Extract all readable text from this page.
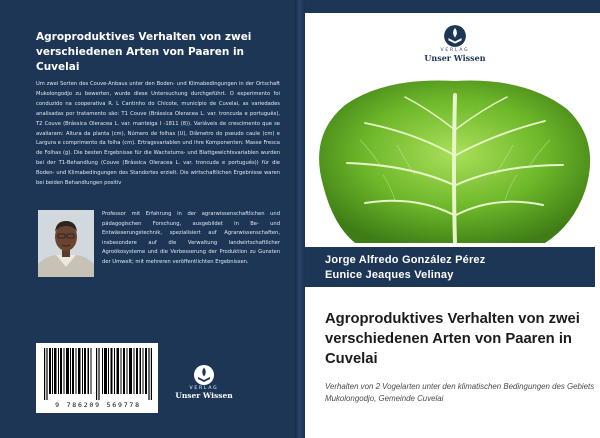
Agroproduktives Verhalten von zwei verschiedenen Arten von Paaren in Cuvelai
Um zwei Sorten des Couve-Anbaus unter den Boden- und Klimabedingungen in der Ortschaft Mukolongodjo zu bewerten, wurde diese Untersuchung durchgeführt. O experimento foi conduzido na cooperativa R. L Cantinho do Chicote, município de Cuvelai, as variedades analisadas por tratamento são: T1 Couve (Brássica Oleracea L. var. troncuda e português), T2 Couve (Brássica Oleracea L. var. manteiga I -1811 (8)). Variáveis de crescimento que se avaliaram: Altura da planta (cm), Número de folhas (U), Diâmetro do pseudo caule (cm) e Largura e comprimento da folha (cm). Ertragsvariablen und ihre Komponenten: Masse Fresca de Folhas (g). Die besten Ergebnisse für die Wachstums- und Blattgewichtsvariablen wurden bei der T1-Behandlung (Couve (Brássica Oleracea L. var. troncuda e português)) für die Boden- und Klimabedingungen des Standortes erzielt. Die wirtschaftlichen Ergebnisse waren bei beiden Behandlungen positiv
Professor mit Erfahrung in der agrarwissenschaftlichen und pädagogischen Forschung, ausgebildet in Be- und Entwässerungstechnik, spezialisiert auf Agrarwissenschaften, insbesondere auf die Verwaltung landwirtschaftlicher Agroökosysteme und die Verbesserung der Produktion zu Gunsten der Umwelt; mit mehreren veröffentlichten Ergebnissen.
9 786209 569778
VERLAG
Unser Wissen
VERLAG
Unser Wissen
Jorge Alfredo González Pérez
Eunice Jeaques Velinay
Agroproduktives Verhalten von zwei verschiedenen Arten von Paaren in Cuvelai
Verhalten von 2 Vogelarten unter den klimatischen Bedingungen des Gebiets Mukolongodjo, Gemeinde Cuvelai
